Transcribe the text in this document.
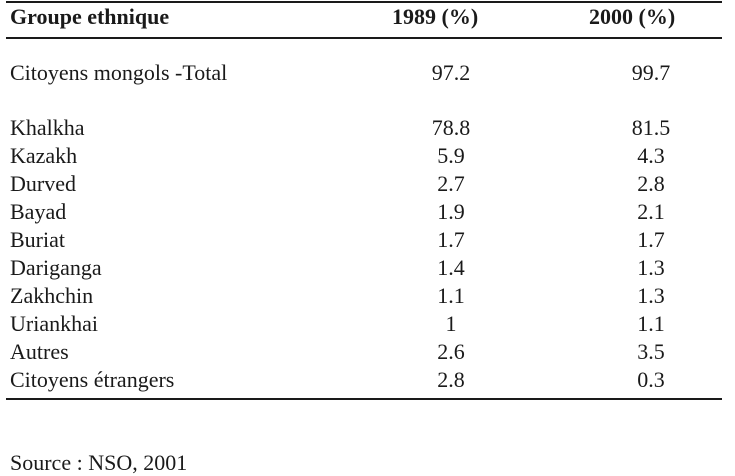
Groupe ethnique	1989 (%)	2000 (%)
Citoyens mongols -Total	97.2	99.7
Khalkha	78.8	81.5
Kazakh	5.9	4.3
Durved	2.7	2.8
Bayad	1.9	2.1
Buriat	1.7	1.7
Dariganga	1.4	1.3
Zakhchin	1.1	1.3
Uriankhai	1	1.1
Autres	2.6	3.5
Citoyens étrangers	2.8	0.3
Source : NSO, 2001
